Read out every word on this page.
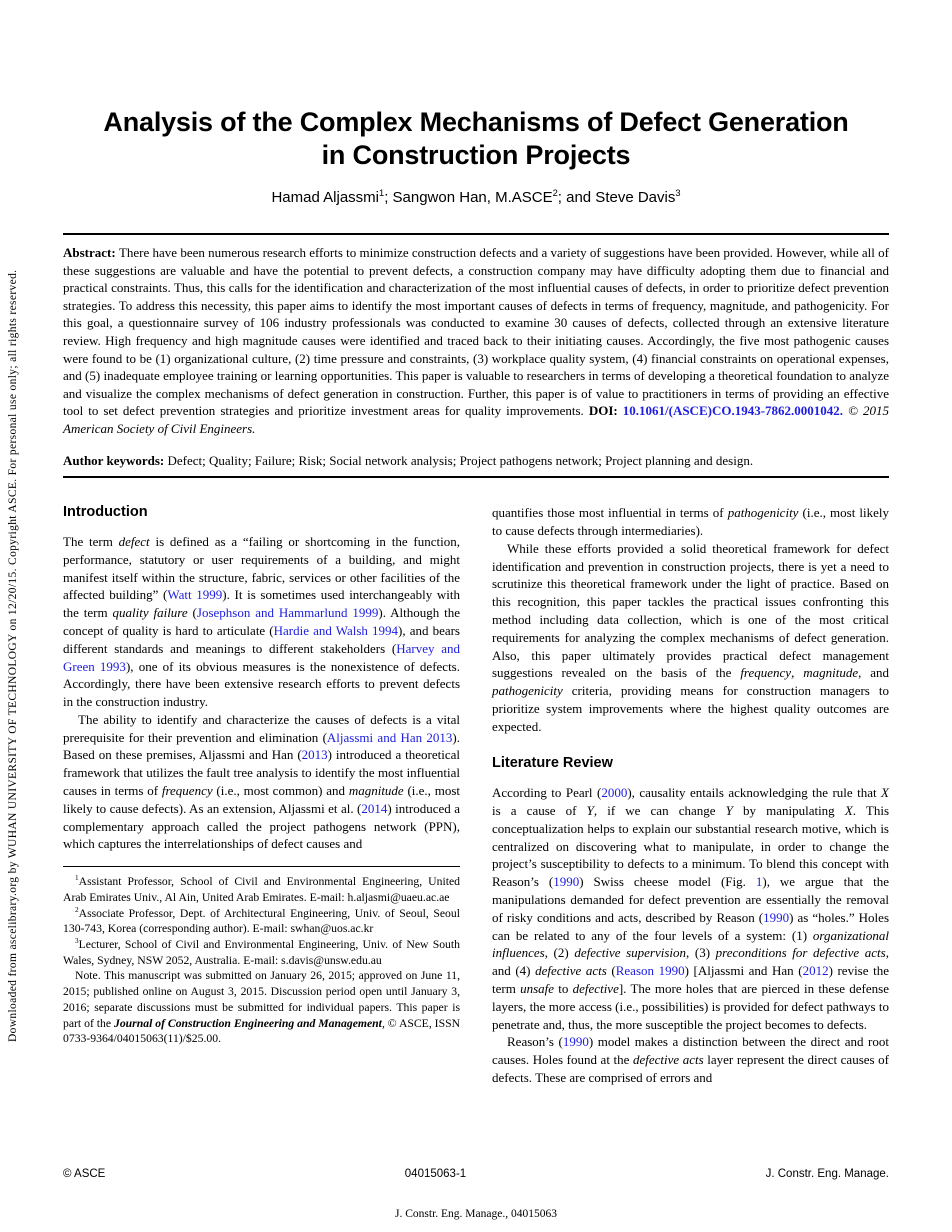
Downloaded from ascelibrary.org by WUHAN UNIVERSITY OF TECHNOLOGY on 12/20/15. Copyright ASCE. For personal use only; all rights reserved.
Analysis of the Complex Mechanisms of Defect Generation
in Construction Projects
Hamad Aljassmi$^1$; Sangwon Han, M.ASCE$^2$; and Steve Davis$^3$

Abstract: There have been numerous research efforts to minimize construction defects and a variety of suggestions have been provided. However, while all of these suggestions are valuable and have the potential to prevent defects, a construction company may have difficulty adopting them due to financial and practical constraints. Thus, this calls for the identification and characterization of the most influential causes of defects, in order to prioritize defect prevention strategies. To address this necessity, this paper aims to identify the most important causes of defects in terms of frequency, magnitude, and pathogenicity. For this goal, a questionnaire survey of 106 industry professionals was conducted to examine 30 causes of defects, collected through an extensive literature review. High frequency and high magnitude causes were identified and traced back to their initiating causes. Accordingly, the five most pathogenic causes were found to be (1) organizational culture, (2) time pressure and constraints, (3) workplace quality system, (4) financial constraints on operational expenses, and (5) inadequate employee training or learning opportunities. This paper is valuable to researchers in terms of developing a theoretical foundation to analyze and visualize the complex mechanisms of defect generation in construction. Further, this paper is of value to practitioners in terms of providing an effective tool to set defect prevention strategies and prioritize investment areas for quality improvements. DOI: 10.1061/(ASCE)CO.1943-7862.0001042. © 2015 American Society of Civil Engineers.

Author keywords: Defect; Quality; Failure; Risk; Social network analysis; Project pathogens network; Project planning and design.

Introduction

The term defect is defined as a “failing or shortcoming in the function, performance, statutory or user requirements of a building, and might manifest itself within the structure, fabric, services or other facilities of the affected building” (Watt 1999). It is sometimes used interchangeably with the term quality failure (Josephson and Hammarlund 1999). Although the concept of quality is hard to articulate (Hardie and Walsh 1994), and bears different standards and meanings to different stakeholders (Harvey and Green 1993), one of its obvious measures is the nonexistence of defects. Accordingly, there have been extensive research efforts to prevent defects in the construction industry.

The ability to identify and characterize the causes of defects is a vital prerequisite for their prevention and elimination (Aljassmi and Han 2013). Based on these premises, Aljassmi and Han (2013) introduced a theoretical framework that utilizes the fault tree analysis to identify the most influential causes in terms of frequency (i.e., most common) and magnitude (i.e., most likely to cause defects). As an extension, Aljassmi et al. (2014) introduced a complementary approach called the project pathogens network (PPN), which captures the interrelationships of defect causes and

$^1$Assistant Professor, School of Civil and Environmental Engineering, United Arab Emirates Univ., Al Ain, United Arab Emirates. E-mail: h.aljasmi@uaeu.ac.ae

$^2$Associate Professor, Dept. of Architectural Engineering, Univ. of Seoul, Seoul 130-743, Korea (corresponding author). E-mail: swhan@uos.ac.kr

$^3$Lecturer, School of Civil and Environmental Engineering, Univ. of New South Wales, Sydney, NSW 2052, Australia. E-mail: s.davis@unsw.edu.au

Note. This manuscript was submitted on January 26, 2015; approved on June 11, 2015; published online on August 3, 2015. Discussion period open until January 3, 2016; separate discussions must be submitted for individual papers. This paper is part of the Journal of Construction Engineering and Management, © ASCE, ISSN 0733-9364/04015063(11)/$25.00.

quantifies those most influential in terms of pathogenicity (i.e., most likely to cause defects through intermediaries).

While these efforts provided a solid theoretical framework for defect identification and prevention in construction projects, there is yet a need to scrutinize this theoretical framework under the light of practice. Based on this recognition, this paper tackles the practical issues confronting this method including data collection, which is one of the most critical requirements for analyzing the complex mechanisms of defect generation. Also, this paper ultimately provides practical defect management suggestions revealed on the basis of the frequency, magnitude, and pathogenicity criteria, providing means for construction managers to prioritize system improvements where the highest quality outcomes are expected.

Literature Review

According to Pearl (2000), causality entails acknowledging the rule that X is a cause of Y, if we can change Y by manipulating X. This conceptualization helps to explain our substantial research motive, which is centralized on discovering what to manipulate, in order to change the project’s susceptibility to defects to a minimum. To blend this concept with Reason’s (1990) Swiss cheese model (Fig. 1), we argue that the manipulations demanded for defect prevention are essentially the removal of risky conditions and acts, described by Reason (1990) as “holes.” Holes can be related to any of the four levels of a system: (1) organizational influences, (2) defective supervision, (3) preconditions for defective acts, and (4) defective acts (Reason 1990) [Aljassmi and Han (2012) revise the term unsafe to defective]. The more holes that are pierced in these defense layers, the more access (i.e., possibilities) is provided for defect pathways to penetrate and, thus, the more susceptible the project becomes to defects.

Reason’s (1990) model makes a distinction between the direct and root causes. Holes found at the defective acts layer represent the direct causes of defects. These are comprised of errors and

© ASCE	04015063-1	J. Constr. Eng. Manage.
J. Constr. Eng. Manage., 04015063
